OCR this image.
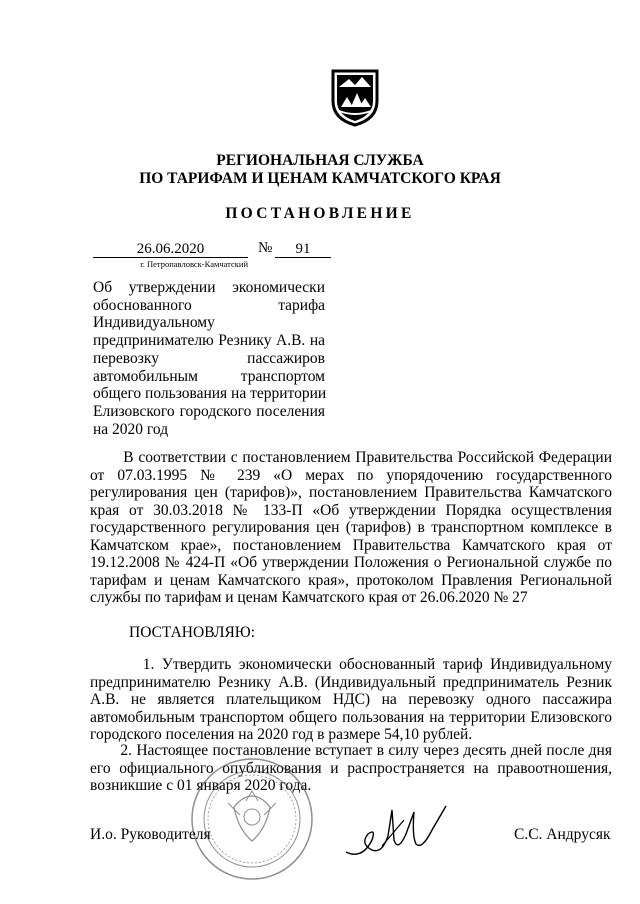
РЕГИОНАЛЬНАЯ СЛУЖБА
ПО ТАРИФАМ И ЦЕНАМ КАМЧАТСКОГО КРАЯ
ПОСТАНОВЛЕНИЕ
26.06.2020	№	91
г. Петропавловск-Камчатский
Об утверждении экономически
обоснованного тарифа
Индивидуальному
предпринимателю Резнику А.В. на
перевозку пассажиров
автомобильным транспортом
общего пользования на территории
Елизовского городского поселения
на 2020 год
В соответствии с постановлением Правительства Российской Федерации
от 07.03.1995 № 239 «О мерах по упорядочению государственного
регулирования цен (тарифов)», постановлением Правительства Камчатского
края от 30.03.2018 № 133-П «Об утверждении Порядка осуществления
государственного регулирования цен (тарифов) в транспортном комплексе в
Камчатском крае», постановлением Правительства Камчатского края от
19.12.2008 № 424-П «Об утверждении Положения о Региональной службе по
тарифам и ценам Камчатского края», протоколом Правления Региональной
службы по тарифам и ценам Камчатского края от 26.06.2020 № 27
ПОСТАНОВЛЯЮ:
1. Утвердить экономически обоснованный тариф Индивидуальному
предпринимателю Резнику А.В. (Индивидуальный предприниматель Резник
А.В. не является плательщиком НДС) на перевозку одного пассажира
автомобильным транспортом общего пользования на территории Елизовского
городского поселения на 2020 год в размере 54,10 рублей.
2. Настоящее постановление вступает в силу через десять дней после дня
его официального опубликования и распространяется на правоотношения,
возникшие с 01 января 2020 года.
И.о. Руководителя	С.С. Андрусяк
